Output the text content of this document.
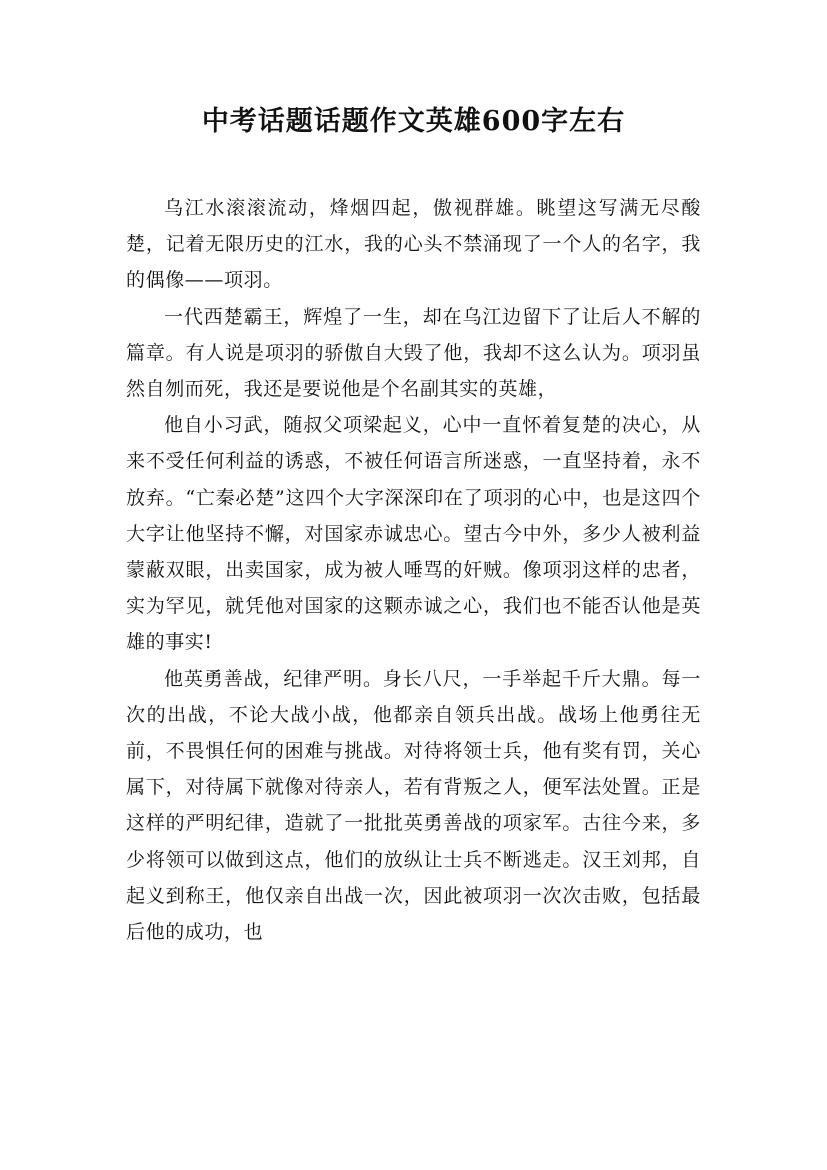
中考话题话题作文英雄600字左右

乌江水滚滚流动，烽烟四起，傲视群雄。眺望这写满无尽酸楚，记着无限历史的江水，我的心头不禁涌现了一个人的名字，我的偶像——项羽。

一代西楚霸王，辉煌了一生，却在乌江边留下了让后人不解的篇章。有人说是项羽的骄傲自大毁了他，我却不这么认为。项羽虽然自刎而死，我还是要说他是个名副其实的英雄，

他自小习武，随叔父项梁起义，心中一直怀着复楚的决心，从来不受任何利益的诱惑，不被任何语言所迷惑，一直坚持着，永不放弃。“亡秦必楚”这四个大字深深印在了项羽的心中，也是这四个大字让他坚持不懈，对国家赤诚忠心。望古今中外，多少人被利益蒙蔽双眼，出卖国家，成为被人唾骂的奸贼。像项羽这样的忠者，实为罕见，就凭他对国家的这颗赤诚之心，我们也不能否认他是英雄的事实!

他英勇善战，纪律严明。身长八尺，一手举起千斤大鼎。每一次的出战，不论大战小战，他都亲自领兵出战。战场上他勇往无前，不畏惧任何的困难与挑战。对待将领士兵，他有奖有罚，关心属下，对待属下就像对待亲人，若有背叛之人，便军法处置。正是这样的严明纪律，造就了一批批英勇善战的项家军。古往今来，多少将领可以做到这点，他们的放纵让士兵不断逃走。汉王刘邦，自起义到称王，他仅亲自出战一次，因此被项羽一次次击败，包括最后他的成功，也
